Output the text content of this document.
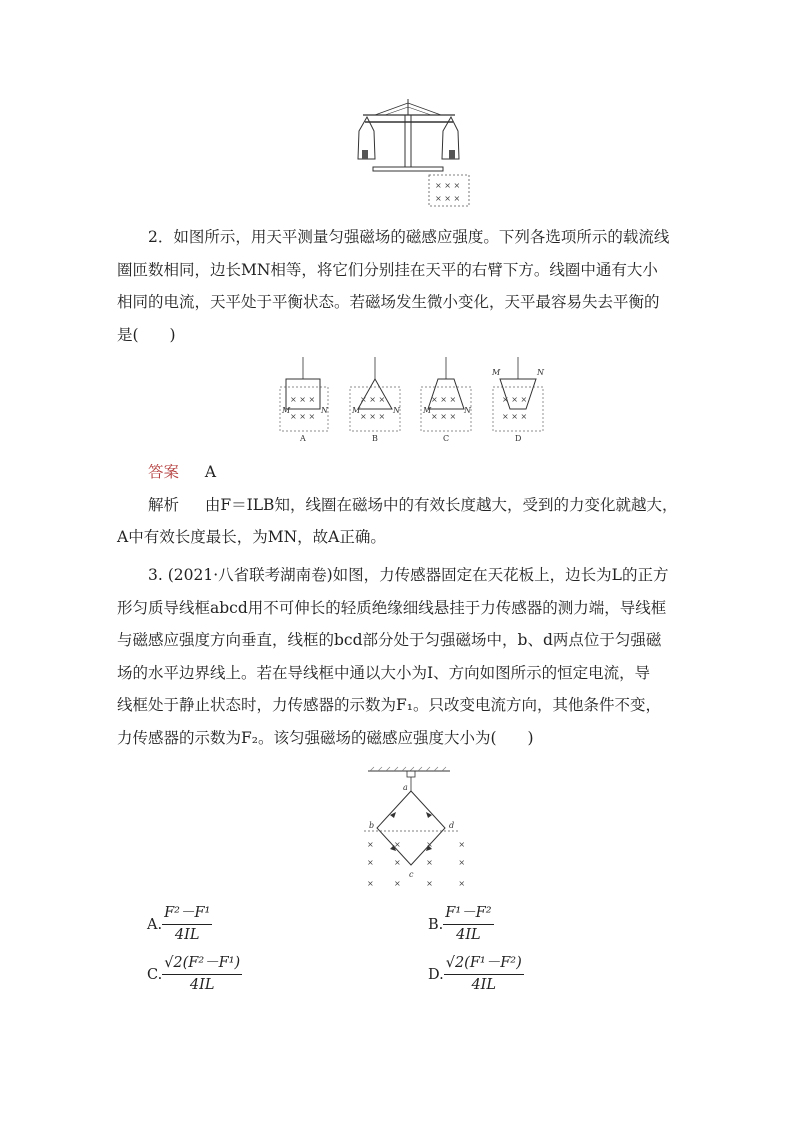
× × ×
× × ×
2．如图所示，用天平测量匀强磁场的磁感应强度。下列各选项所示的载流线
圈匝数相同，边长MN相等，将它们分别挂在天平的右臂下方。线圈中通有大小
相同的电流，天平处于平衡状态。若磁场发生微小变化，天平最容易失去平衡的
是(　　)
× × ×
× × ×
M	N
A
× × ×
× × ×
M	N
B
× × ×
× × ×
M	N
C
× × ×
× × ×
M	N
D
答案 A
解析 由F＝ILB知，线圈在磁场中的有效长度越大，受到的力变化就越大，
A中有效长度最长，为MN，故A正确。
3. (2021·八省联考湖南卷)如图，力传感器固定在天花板上，边长为L的正方
形匀质导线框abcd用不可伸长的轻质绝缘细线悬挂于力传感器的测力端，导线框
与磁感应强度方向垂直，线框的bcd部分处于匀强磁场中，b、d两点位于匀强磁
场的水平边界线上。若在导线框中通以大小为I、方向如图所示的恒定电流，导
线框处于静止状态时，力传感器的示数为F₁。只改变电流方向，其他条件不变，
力传感器的示数为F₂。该匀强磁场的磁感应强度大小为(　　)
×        ×          ×          ×
×        ×          ×          ×
×        ×          ×          ×
a
b
c
d
A. $\frac{\text{F²－F¹}}{4IL}$	B. $\frac{\text{F¹－F²}}{4IL}$
C. $\frac{\text{√2(F²－F¹)}}{4IL}$	D. $\frac{\text{√2(F¹－F²)}}{4IL}$
